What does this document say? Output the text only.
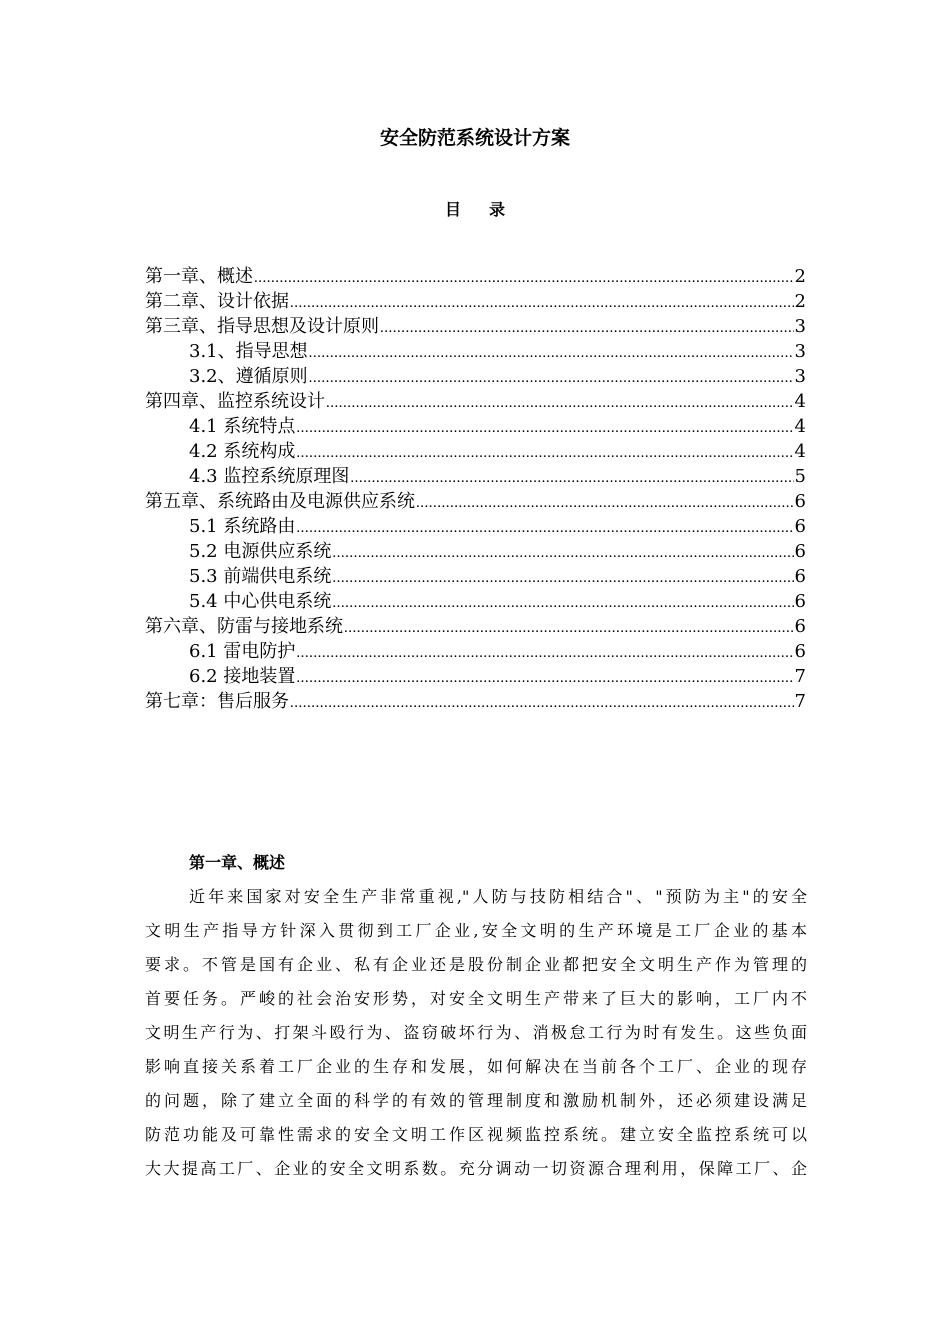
安全防范系统设计方案
目录
第一章、概述 .....	2
第二章、设计依据 .....	2
第三章、指导思想及设计原则 .....	3
3.1、指导思想 .....	3
3.2、遵循原则 .....	3
第四章、监控系统设计 .....	4
4.1 系统特点 .....	4
4.2 系统构成 .....	4
4.3 监控系统原理图 .....	5
第五章、系统路由及电源供应系统 .....	6
5.1 系统路由 .....	6
5.2 电源供应系统 .....	6
5.3 前端供电系统 .....	6
5.4 中心供电系统 .....	6
第六章、防雷与接地系统 .....	6
6.1 雷电防护 .....	6
6.2 接地装置 .....	7
第七章：售后服务 .....	7
第一章、概述
近年来国家对安全生产非常重视,"人防与技防相结合"、"预防为主"的安全
文明生产指导方针深入贯彻到工厂企业,安全文明的生产环境是工厂企业的基本
要求。不管是国有企业、私有企业还是股份制企业都把安全文明生产作为管理的
首要任务。严峻的社会治安形势，对安全文明生产带来了巨大的影响，工厂内不
文明生产行为、打架斗殴行为、盗窃破坏行为、消极怠工行为时有发生。这些负面
影响直接关系着工厂企业的生存和发展，如何解决在当前各个工厂、企业的现存
的问题，除了建立全面的科学的有效的管理制度和激励机制外，还必须建设满足
防范功能及可靠性需求的安全文明工作区视频监控系统。建立安全监控系统可以
大大提高工厂、企业的安全文明系数。充分调动一切资源合理利用，保障工厂、企
